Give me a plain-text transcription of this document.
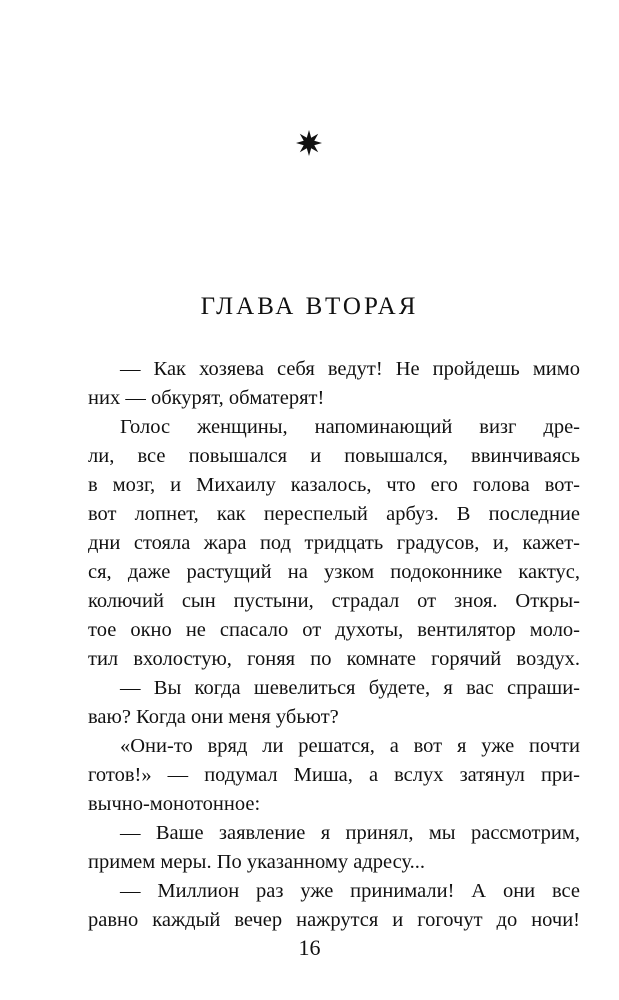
ГЛАВА ВТОРАЯ
— Как хозяева себя ведут! Не пройдешь мимо
них — обкурят, обматерят!
Голос женщины, напоминающий визг дре-
ли, все повышался и повышался, ввинчиваясь
в мозг, и Михаилу казалось, что его голова вот-
вот лопнет, как переспелый арбуз. В последние
дни стояла жара под тридцать градусов, и, кажет-
ся, даже растущий на узком подоконнике кактус,
колючий сын пустыни, страдал от зноя. Откры-
тое окно не спасало от духоты, вентилятор моло-
тил вхолостую, гоняя по комнате горячий воздух.
— Вы когда шевелиться будете, я вас спраши-
ваю? Когда они меня убьют?
«Они-то вряд ли решатся, а вот я уже почти
готов!» — подумал Миша, а вслух затянул при-
вычно-монотонное:
— Ваше заявление я принял, мы рассмотрим,
примем меры. По указанному адресу...
— Миллион раз уже принимали! А они все
равно каждый вечер нажрутся и гогочут до ночи!
16
